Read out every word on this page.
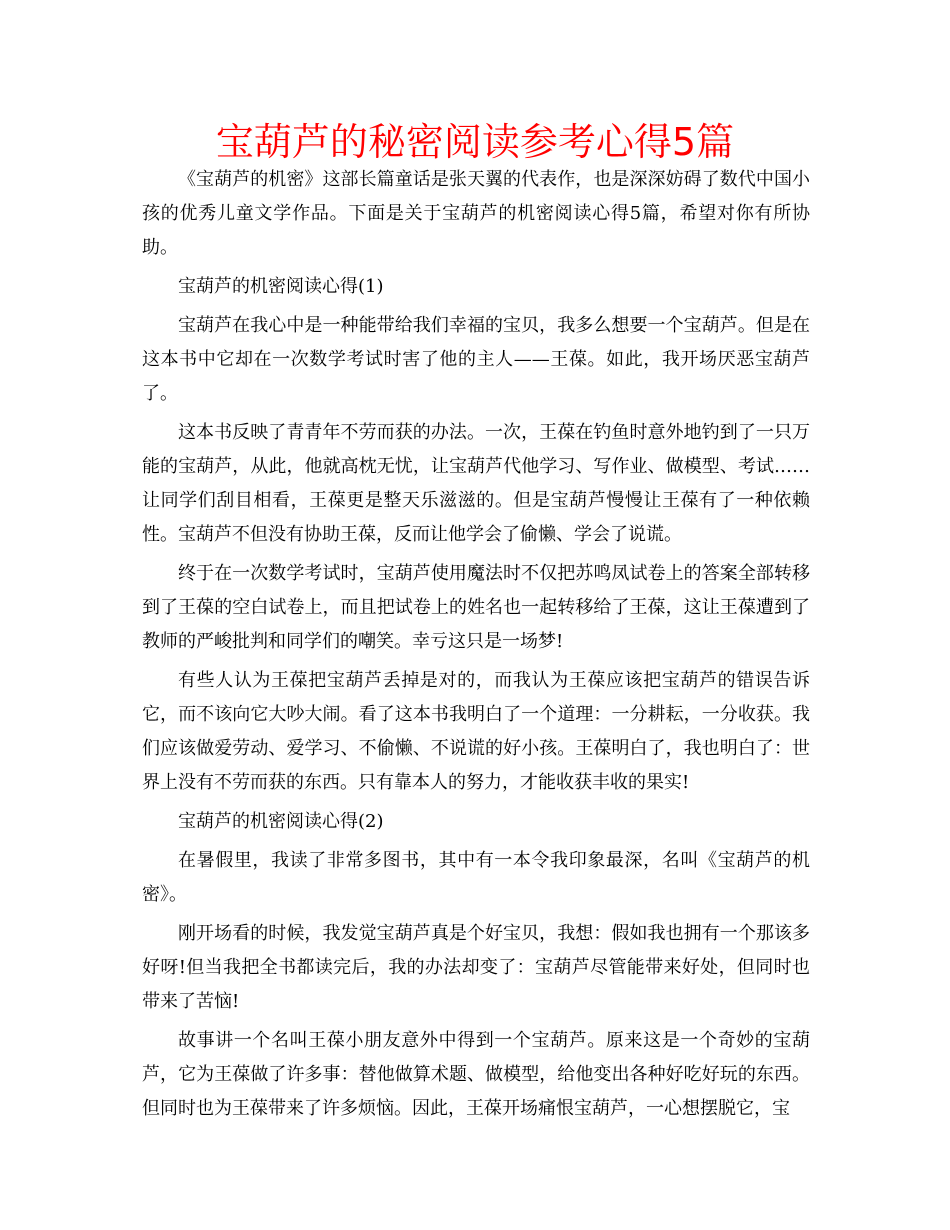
宝葫芦的秘密阅读参考心得5篇

《宝葫芦的机密》这部长篇童话是张天翼的代表作，也是深深妨碍了数代中国小孩的优秀儿童文学作品。下面是关于宝葫芦的机密阅读心得5篇，希望对你有所协助。

宝葫芦的机密阅读心得(1)

宝葫芦在我心中是一种能带给我们幸福的宝贝，我多么想要一个宝葫芦。但是在这本书中它却在一次数学考试时害了他的主人——王葆。如此，我开场厌恶宝葫芦了。

这本书反映了青青年不劳而获的办法。一次，王葆在钓鱼时意外地钓到了一只万能的宝葫芦，从此，他就高枕无忧，让宝葫芦代他学习、写作业、做模型、考试……让同学们刮目相看，王葆更是整天乐滋滋的。但是宝葫芦慢慢让王葆有了一种依赖性。宝葫芦不但没有协助王葆，反而让他学会了偷懒、学会了说谎。

终于在一次数学考试时，宝葫芦使用魔法时不仅把苏鸣凤试卷上的答案全部转移到了王葆的空白试卷上，而且把试卷上的姓名也一起转移给了王葆，这让王葆遭到了教师的严峻批判和同学们的嘲笑。幸亏这只是一场梦!

有些人认为王葆把宝葫芦丢掉是对的，而我认为王葆应该把宝葫芦的错误告诉它，而不该向它大吵大闹。看了这本书我明白了一个道理：一分耕耘，一分收获。我们应该做爱劳动、爱学习、不偷懒、不说谎的好小孩。王葆明白了，我也明白了：世界上没有不劳而获的东西。只有靠本人的努力，才能收获丰收的果实!

宝葫芦的机密阅读心得(2)

在暑假里，我读了非常多图书，其中有一本令我印象最深，名叫《宝葫芦的机密》。

刚开场看的时候，我发觉宝葫芦真是个好宝贝，我想：假如我也拥有一个那该多好呀!但当我把全书都读完后，我的办法却变了：宝葫芦尽管能带来好处，但同时也带来了苦恼!

故事讲一个名叫王葆小朋友意外中得到一个宝葫芦。原来这是一个奇妙的宝葫芦，它为王葆做了许多事：替他做算术题、做模型，给他变出各种好吃好玩的东西。但同时也为王葆带来了许多烦恼。因此，王葆开场痛恨宝葫芦，一心想摆脱它，宝
